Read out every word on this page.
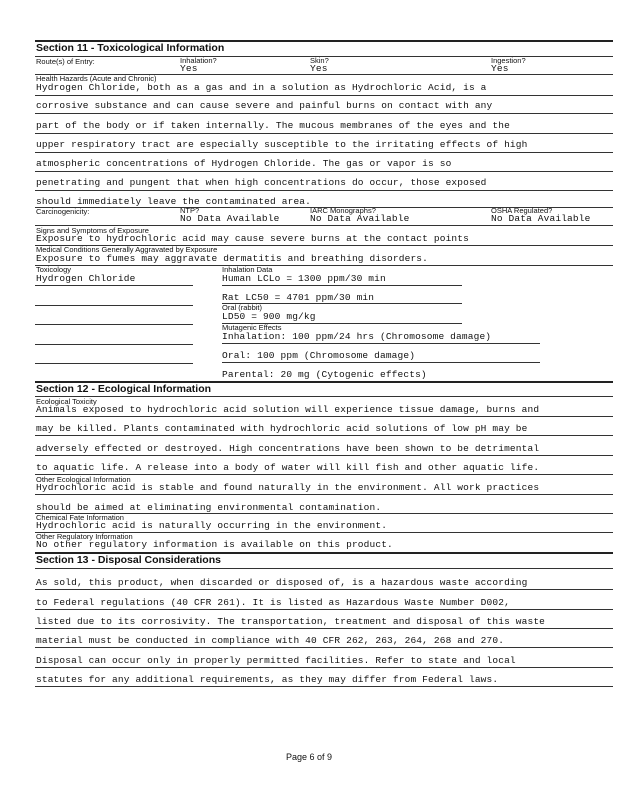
Section 11 - Toxicological Information
Route(s) of Entry:	Inhalation?
Yes
Skin?
Yes
Ingestion?
Yes
Health Hazards (Acute and Chronic)
Hydrogen Chloride, both as a gas and in a solution as Hydrochloric Acid, is a
corrosive substance and can cause severe and painful burns on contact with any
part of the body or if taken internally. The mucous membranes of the eyes and the
upper respiratory tract are especially susceptible to the irritating effects of high
atmospheric concentrations of Hydrogen Chloride. The gas or vapor is so
penetrating and pungent that when high concentrations do occur, those exposed
should immediately leave the contaminated area.
Carcinogenicity:	NTP?
No Data Available
IARC Monographs?
No Data Available
OSHA Regulated?
No Data Available
Signs and Symptoms of Exposure
Exposure to hydrochloric acid may cause severe burns at the contact points
Medical Conditions Generally Aggravated by Exposure
Exposure to fumes may aggravate dermatitis and breathing disorders.
Toxicology
Hydrogen Chloride
Inhalation Data
Human LCLo = 1300 ppm/30 min
Rat LC50 = 4701 ppm/30 min
Oral (rabbit)
LD50 = 900 mg/kg
Mutagenic Effects
Inhalation: 100 ppm/24 hrs (Chromosome damage)
Oral: 100 ppm (Chromosome damage)
Parental: 20 mg (Cytogenic effects)
Section 12 - Ecological Information
Ecological Toxicity
Animals exposed to hydrochloric acid solution will experience tissue damage, burns and
may be killed. Plants contaminated with hydrochloric acid solutions of low pH may be
adversely effected or destroyed. High concentrations have been shown to be detrimental
to aquatic life. A release into a body of water will kill fish and other aquatic life.
Other Ecological Information
Hydrochloric acid is stable and found naturally in the environment. All work practices
should be aimed at eliminating environmental contamination.
Chemical Fate Information
Hydrochloric acid is naturally occurring in the environment.
Other Regulatory Information
No other regulatory information is available on this product.
Section 13 - Disposal Considerations
As sold, this product, when discarded or disposed of, is a hazardous waste according
to Federal regulations (40 CFR 261). It is listed as Hazardous Waste Number D002,
listed due to its corrosivity. The transportation, treatment and disposal of this waste
material must be conducted in compliance with 40 CFR 262, 263, 264, 268 and 270.
Disposal can occur only in properly permitted facilities. Refer to state and local
statutes for any additional requirements, as they may differ from Federal laws.
Page 6 of 9
